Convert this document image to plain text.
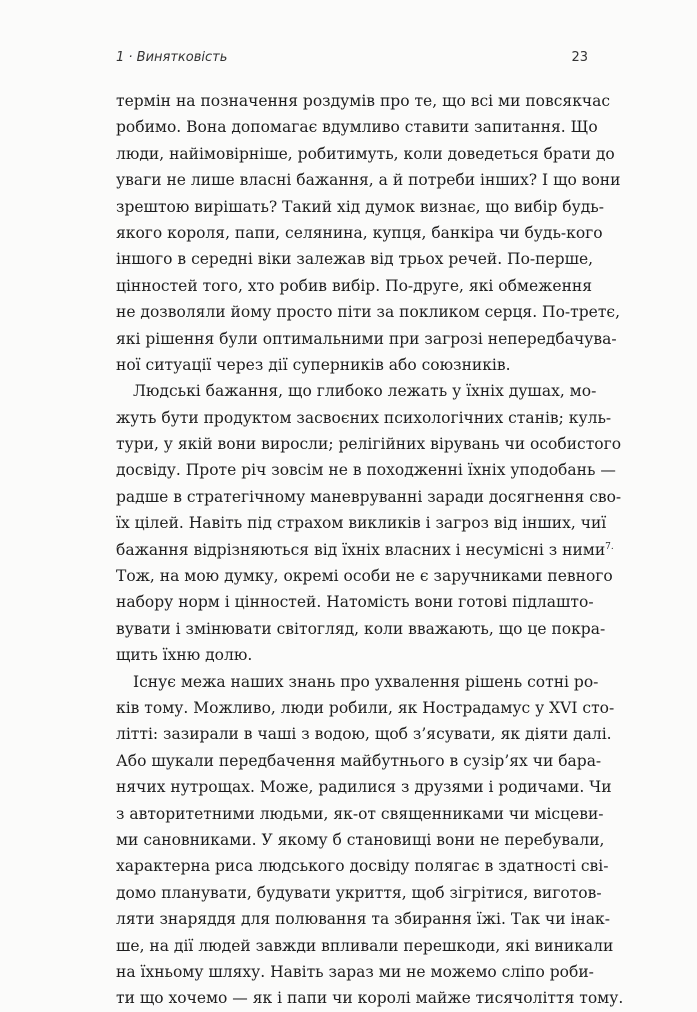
1 · Винятковість	23
термін на позначення роздумів про те, що всі ми повсякчас
робимо. Вона допомагає вдумливо ставити запитання. Що
люди, найімовірніше, робитимуть, коли доведеться брати до
уваги не лише власні бажання, а й потреби інших? І що вони
зрештою вирішать? Такий хід думок визнає, що вибір будь-
якого короля, папи, селянина, купця, банкіра чи будь-кого
іншого в середні віки залежав від трьох речей. По-перше,
цінностей того, хто робив вибір. По-друге, які обмеження
не дозволяли йому просто піти за покликом серця. По-третє,
які рішення були оптимальними при загрозі непередбачува-
ної ситуації через дії суперників або союзників.
Людські бажання, що глибоко лежать у їхніх душах, мо-
жуть бути продуктом засвоєних психологічних станів; куль-
тури, у якій вони виросли; релігійних вірувань чи особистого
досвіду. Проте річ зовсім не в походженні їхніх уподобань —
радше в стратегічному маневруванні заради досягнення сво-
їх цілей. Навіть під страхом викликів і загроз від інших, чиї
бажання відрізняються від їхніх власних і несумісні з ними$^{7.}$
Тож, на мою думку, окремі особи не є заручниками певного
набору норм і цінностей. Натомість вони готові підлашто-
вувати і змінювати світогляд, коли вважають, що це покра-
щить їхню долю.
Існує межа наших знань про ухвалення рішень сотні ро-
ків тому. Можливо, люди робили, як Нострадамус у XVI сто-
літті: зазирали в чаші з водою, щоб з’ясувати, як діяти далі.
Або шукали передбачення майбутнього в сузір’ях чи бара-
нячих нутрощах. Може, радилися з друзями і родичами. Чи
з авторитетними людьми, як-от священниками чи місцеви-
ми сановниками. У якому б становищі вони не перебували,
характерна риса людського досвіду полягає в здатності сві-
домо планувати, будувати укриття, щоб зігрітися, виготов-
ляти знаряддя для полювання та збирання їжі. Так чи інак-
ше, на дії людей завжди впливали перешкоди, які виникали
на їхньому шляху. Навіть зараз ми не можемо сліпо роби-
ти що хочемо — як і папи чи королі майже тисячоліття тому.
